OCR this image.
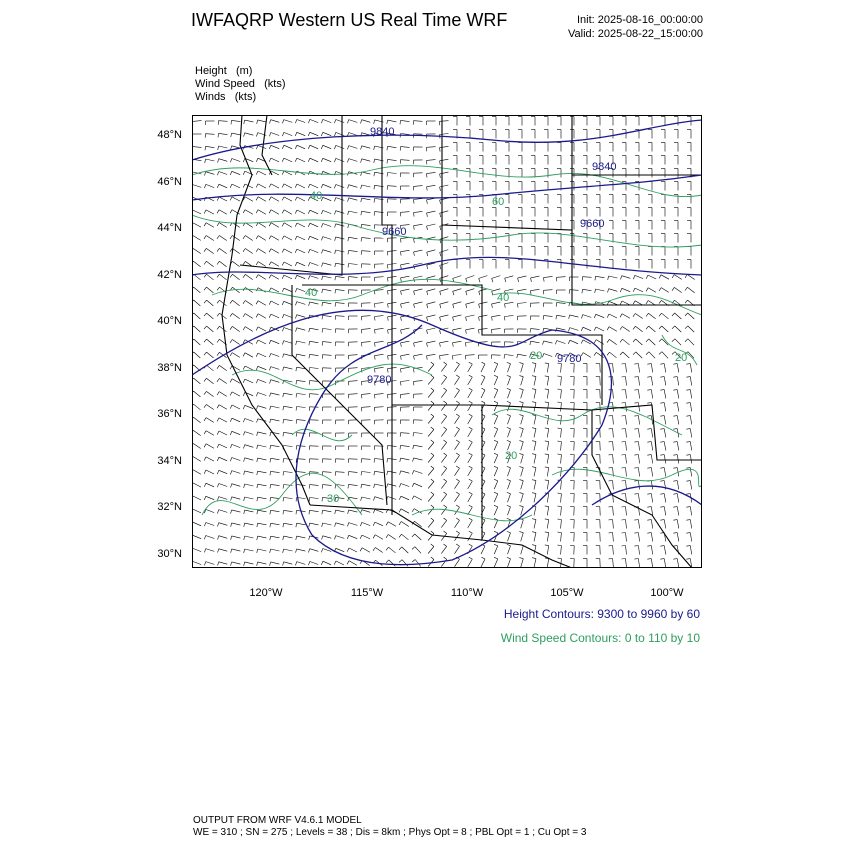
IWFAQRP Western US Real Time WRF	Init: 2025-08-16_00:00:00
Valid: 2025-08-22_15:00:00
Height (m)
Wind Speed (kts)
Winds (kts)
9840
9840
9660
9660
9780
9780
40	60
40	40
20	20
20
30
48°N
46°N
44°N
42°N
40°N
38°N
36°N
34°N
32°N
30°N
120°W	115°W	110°W	105°W	100°W
Height Contours: 9300 to 9960 by 60
Wind Speed Contours: 0 to 110 by 10
OUTPUT FROM WRF V4.6.1 MODEL
WE = 310 ; SN = 275 ; Levels = 38 ; Dis = 8km ; Phys Opt = 8 ; PBL Opt = 1 ; Cu Opt = 3
